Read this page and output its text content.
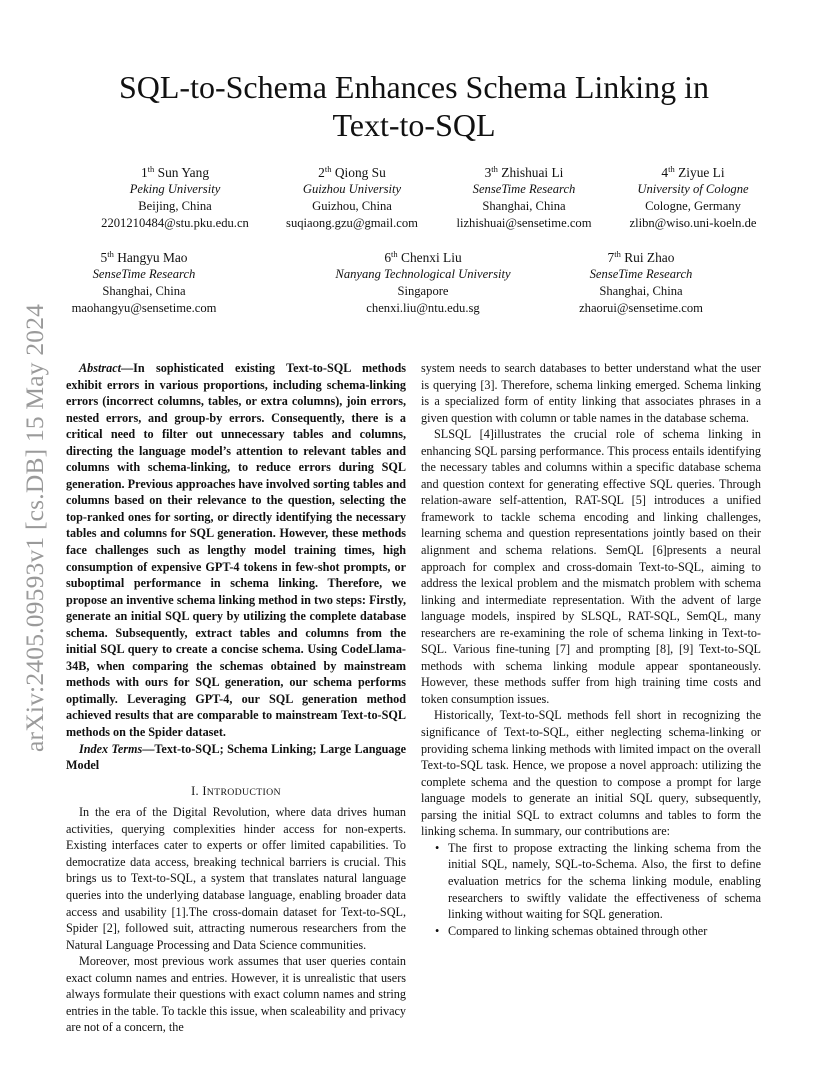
arXiv:2405.09593v1 [cs.DB] 15 May 2024
SQL-to-Schema Enhances Schema Linking in
Text-to-SQL
1th Sun Yang
Peking University
Beijing, China
2201210484@stu.pku.edu.cn
2th Qiong Su
Guizhou University
Guizhou, China
suqiaong.gzu@gmail.com
3th Zhishuai Li
SenseTime Research
Shanghai, China
lizhishuai@sensetime.com
4th Ziyue Li
University of Cologne
Cologne, Germany
zlibn@wiso.uni-koeln.de
5th Hangyu Mao
SenseTime Research
Shanghai, China
maohangyu@sensetime.com
6th Chenxi Liu
Nanyang Technological University
Singapore
chenxi.liu@ntu.edu.sg
7th Rui Zhao
SenseTime Research
Shanghai, China
zhaorui@sensetime.com

Abstract—In sophisticated existing Text-to-SQL methods exhibit errors in various proportions, including schema-linking errors (incorrect columns, tables, or extra columns), join errors, nested errors, and group-by errors. Consequently, there is a critical need to filter out unnecessary tables and columns, directing the language model’s attention to relevant tables and columns with schema-linking, to reduce errors during SQL generation. Previous approaches have involved sorting tables and columns based on their relevance to the question, selecting the top-ranked ones for sorting, or directly identifying the necessary tables and columns for SQL generation. However, these methods face challenges such as lengthy model training times, high consumption of expensive GPT-4 tokens in few-shot prompts, or suboptimal performance in schema linking. Therefore, we propose an inventive schema linking method in two steps: Firstly, generate an initial SQL query by utilizing the complete database schema. Subsequently, extract tables and columns from the initial SQL query to create a concise schema. Using CodeLlama-34B, when comparing the schemas obtained by mainstream methods with ours for SQL generation, our schema performs optimally. Leveraging GPT-4, our SQL generation method achieved results that are comparable to mainstream Text-to-SQL methods on the Spider dataset.

Index Terms—Text-to-SQL; Schema Linking; Large Language Model

I. INTRODUCTION

In the era of the Digital Revolution, where data drives human activities, querying complexities hinder access for non-experts. Existing interfaces cater to experts or offer limited capabilities. To democratize data access, breaking technical barriers is crucial. This brings us to Text-to-SQL, a system that translates natural language queries into the underlying database language, enabling broader data access and usability [1].The cross-domain dataset for Text-to-SQL, Spider [2], followed suit, attracting numerous researchers from the Natural Language Processing and Data Science communities.

Moreover, most previous work assumes that user queries contain exact column names and entries. However, it is unrealistic that users always formulate their questions with exact column names and string entries in the table. To tackle this issue, when scaleability and privacy are not of a concern, the

system needs to search databases to better understand what the user is querying [3]. Therefore, schema linking emerged. Schema linking is a specialized form of entity linking that associates phrases in a given question with column or table names in the database schema.

SLSQL [4]illustrates the crucial role of schema linking in enhancing SQL parsing performance. This process entails identifying the necessary tables and columns within a specific database schema and question context for generating effective SQL queries. Through relation-aware self-attention, RAT-SQL [5] introduces a unified framework to tackle schema encoding and linking challenges, learning schema and question representations jointly based on their alignment and schema relations. SemQL [6]presents a neural approach for complex and cross-domain Text-to-SQL, aiming to address the lexical problem and the mismatch problem with schema linking and intermediate representation. With the advent of large language models, inspired by SLSQL, RAT-SQL, SemQL, many researchers are re-examining the role of schema linking in Text-to-SQL. Various fine-tuning [7] and prompting [8], [9] Text-to-SQL methods with schema linking module appear spontaneously. However, these methods suffer from high training time costs and token consumption issues.

Historically, Text-to-SQL methods fell short in recognizing the significance of Text-to-SQL, either neglecting schema-linking or providing schema linking methods with limited impact on the overall Text-to-SQL task. Hence, we propose a novel approach: utilizing the complete schema and the question to compose a prompt for large language models to generate an initial SQL query, subsequently, parsing the initial SQL to extract columns and tables to form the linking schema. In summary, our contributions are:

• The first to propose extracting the linking schema from the initial SQL, namely, SQL-to-Schema. Also, the first to define evaluation metrics for the schema linking module, enabling researchers to swiftly validate the effectiveness of schema linking without waiting for SQL generation.
• Compared to linking schemas obtained through other
